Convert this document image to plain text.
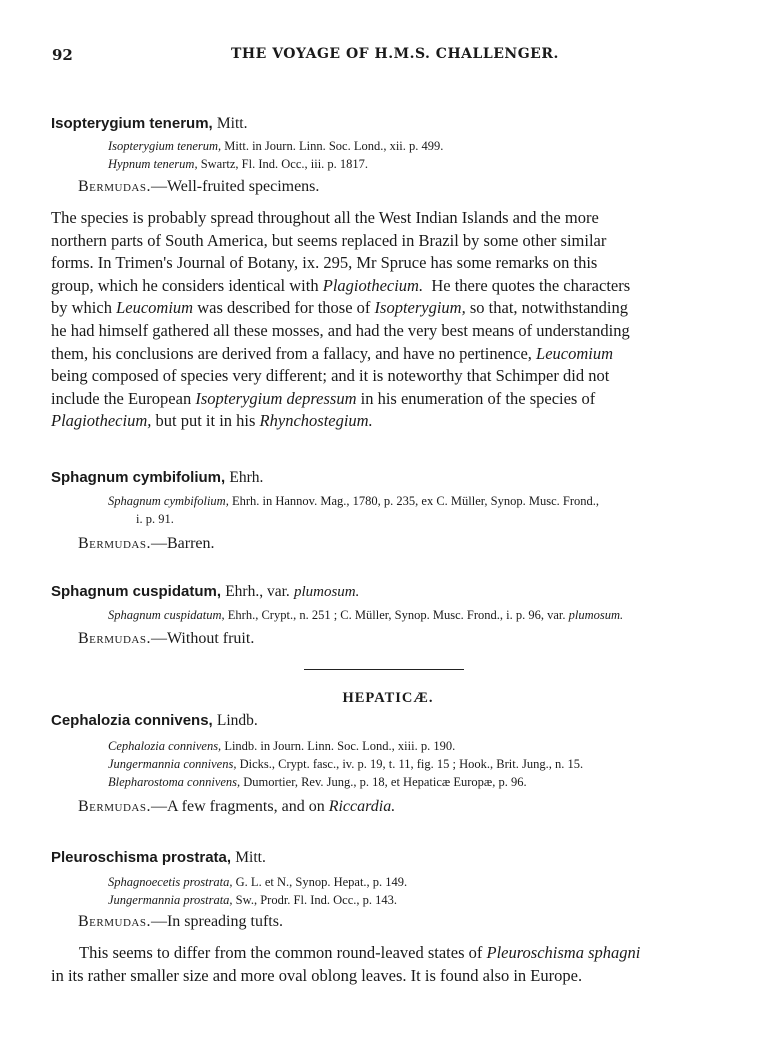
92	THE VOYAGE OF H.M.S. CHALLENGER.
Isopterygium tenerum, Mitt.
Isopterygium tenerum, Mitt. in Journ. Linn. Soc. Lond., xii. p. 499.
Hypnum tenerum, Swartz, Fl. Ind. Occ., iii. p. 1817.
Bermudas.—Well-fruited specimens.
The species is probably spread throughout all the West Indian Islands and the more
northern parts of South America, but seems replaced in Brazil by some other similar
forms. In Trimen's Journal of Botany, ix. 295, Mr Spruce has some remarks on this
group, which he considers identical with Plagiothecium. He there quotes the characters
by which Leucomium was described for those of Isopterygium, so that, notwithstanding
he had himself gathered all these mosses, and had the very best means of understanding
them, his conclusions are derived from a fallacy, and have no pertinence, Leucomium
being composed of species very different; and it is noteworthy that Schimper did not
include the European Isopterygium depressum in his enumeration of the species of
Plagiothecium, but put it in his Rhynchostegium.
Sphagnum cymbifolium, Ehrh.
Sphagnum cymbifolium, Ehrh. in Hannov. Mag., 1780, p. 235, ex C. Müller, Synop. Musc. Frond.,
i. p. 91.
Bermudas.—Barren.
Sphagnum cuspidatum, Ehrh., var. plumosum.
Sphagnum cuspidatum, Ehrh., Crypt., n. 251 ; C. Müller, Synop. Musc. Frond., i. p. 96, var. plumosum.
Bermudas.—Without fruit.
HEPATICÆ.
Cephalozia connivens, Lindb.
Cephalozia connivens, Lindb. in Journ. Linn. Soc. Lond., xiii. p. 190.
Jungermannia connivens, Dicks., Crypt. fasc., iv. p. 19, t. 11, fig. 15 ; Hook., Brit. Jung., n. 15.
Blepharostoma connivens, Dumortier, Rev. Jung., p. 18, et Hepaticæ Europæ, p. 96.
Bermudas.—A few fragments, and on Riccardia.
Pleuroschisma prostrata, Mitt.
Sphagnoecetis prostrata, G. L. et N., Synop. Hepat., p. 149.
Jungermannia prostrata, Sw., Prodr. Fl. Ind. Occ., p. 143.
Bermudas.—In spreading tufts.
This seems to differ from the common round-leaved states of Pleuroschisma sphagni
in its rather smaller size and more oval oblong leaves. It is found also in Europe.
